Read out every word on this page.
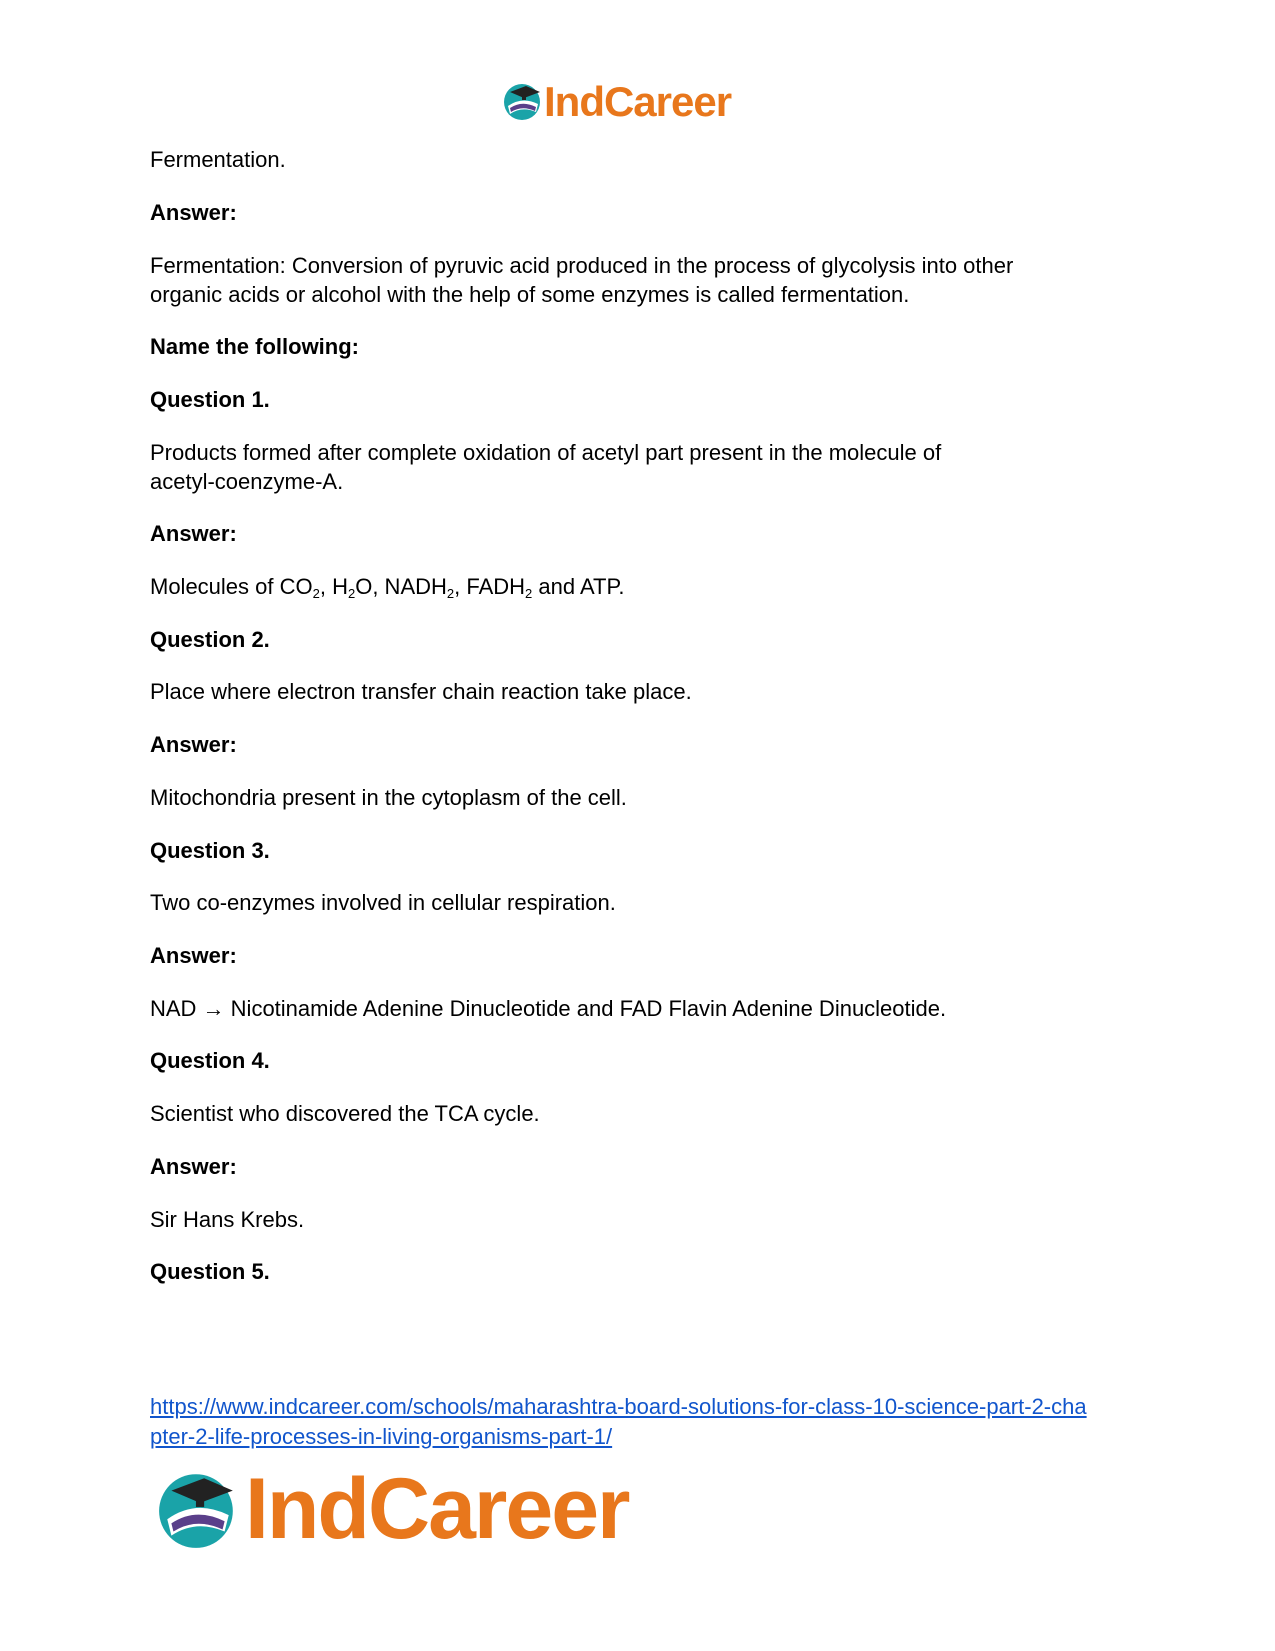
IndCareer

Fermentation.

Answer:

Fermentation: Conversion of pyruvic acid produced in the process of glycolysis into other

organic acids or alcohol with the help of some enzymes is called fermentation.

Name the following:

Question 1.

Products formed after complete oxidation of acetyl part present in the molecule of

acetyl-coenzyme-A.

Answer:

Molecules of $CO_2$, $H_2O$, $NADH_2$, $FADH_2$ and ATP.

Question 2.

Place where electron transfer chain reaction take place.

Answer:

Mitochondria present in the cytoplasm of the cell.

Question 3.

Two co-enzymes involved in cellular respiration.

Answer:

NAD → Nicotinamide Adenine Dinucleotide and FAD Flavin Adenine Dinucleotide.

Question 4.

Scientist who discovered the TCA cycle.

Answer:

Sir Hans Krebs.

Question 5.

https://www.indcareer.com/schools/maharashtra-board-solutions-for-class-10-science-part-2-cha
pter-2-life-processes-in-living-organisms-part-1/
IndCareer
